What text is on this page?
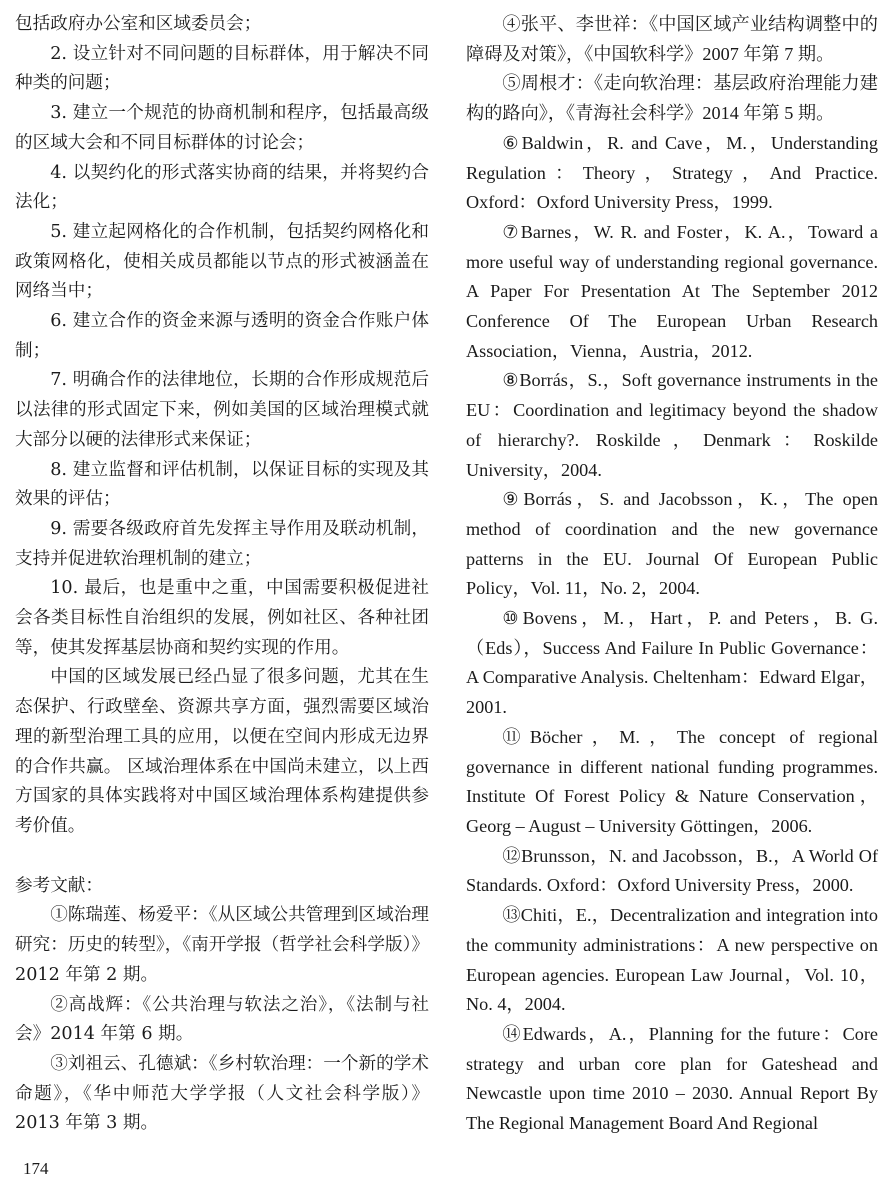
包括政府办公室和区域委员会；

2. 设立针对不同问题的目标群体，用于解决不同种类的问题；

3. 建立一个规范的协商机制和程序，包括最高级的区域大会和不同目标群体的讨论会；

4. 以契约化的形式落实协商的结果，并将契约合法化；

5. 建立起网格化的合作机制，包括契约网格化和政策网格化，使相关成员都能以节点的形式被涵盖在网络当中；

6. 建立合作的资金来源与透明的资金合作账户体制；

7. 明确合作的法律地位，长期的合作形成规范后以法律的形式固定下来，例如美国的区域治理模式就大部分以硬的法律形式来保证；

8. 建立监督和评估机制，以保证目标的实现及其效果的评估；

9. 需要各级政府首先发挥主导作用及联动机制，支持并促进软治理机制的建立；

10. 最后，也是重中之重，中国需要积极促进社会各类目标性自治组织的发展，例如社区、各种社团等，使其发挥基层协商和契约实现的作用。

中国的区域发展已经凸显了很多问题，尤其在生态保护、行政壁垒、资源共享方面，强烈需要区域治理的新型治理工具的应用，以便在空间内形成无边界的合作共赢。 区域治理体系在中国尚未建立，以上西方国家的具体实践将对中国区域治理体系构建提供参考价值。

参考文献：

①陈瑞莲、杨爱平：《从区域公共管理到区域治理研究：历史的转型》，《南开学报（哲学社会科学版）》2012 年第 2 期。

②高战辉：《公共治理与软法之治》，《法制与社会》2014 年第 6 期。

③刘祖云、孔德斌：《乡村软治理：一个新的学术命题》，《华中师范大学学报（人文社会科学版）》2013 年第 3 期。

④张平、李世祥：《中国区域产业结构调整中的障碍及对策》，《中国软科学》2007 年第 7 期。

⑤周根才：《走向软治理：基层政府治理能力建构的路向》，《青海社会科学》2014 年第 5 期。

⑥Baldwin，R. and Cave，M.，Understanding Regulation：Theory，Strategy，And Practice. Oxford：Oxford University Press，1999.

⑦Barnes，W. R. and Foster，K. A.，Toward a more useful way of understanding regional governance. A Paper For Presentation At The September 2012 Conference Of The European Urban Research Association，Vienna，Austria，2012.

⑧Borrás，S.，Soft governance instruments in the EU：Coordination and legitimacy beyond the shadow of hierarchy?. Roskilde，Denmark：Roskilde University，2004.

⑨Borrás，S. and Jacobsson，K.，The open method of coordination and the new governance patterns in the EU. Journal Of European Public Policy，Vol. 11，No. 2，2004.

⑩Bovens，M.，Hart，P. and Peters，B. G.（Eds），Success And Failure In Public Governance：A Comparative Analysis. Cheltenham：Edward Elgar，2001.

⑪Böcher，M.，The concept of regional governance in different national funding programmes. Institute Of Forest Policy & Nature Conservation，Georg – August – University Göttingen，2006.

⑫Brunsson，N. and Jacobsson，B.，A World Of Standards. Oxford：Oxford University Press，2000.

⑬Chiti，E.，Decentralization and integration into the community administrations：A new perspective on European agencies. European Law Journal，Vol. 10，No. 4，2004.

⑭Edwards，A.，Planning for the future：Core strategy and urban core plan for Gateshead and Newcastle upon time 2010 – 2030. Annual Report By The Regional Management Board And Regional

174
